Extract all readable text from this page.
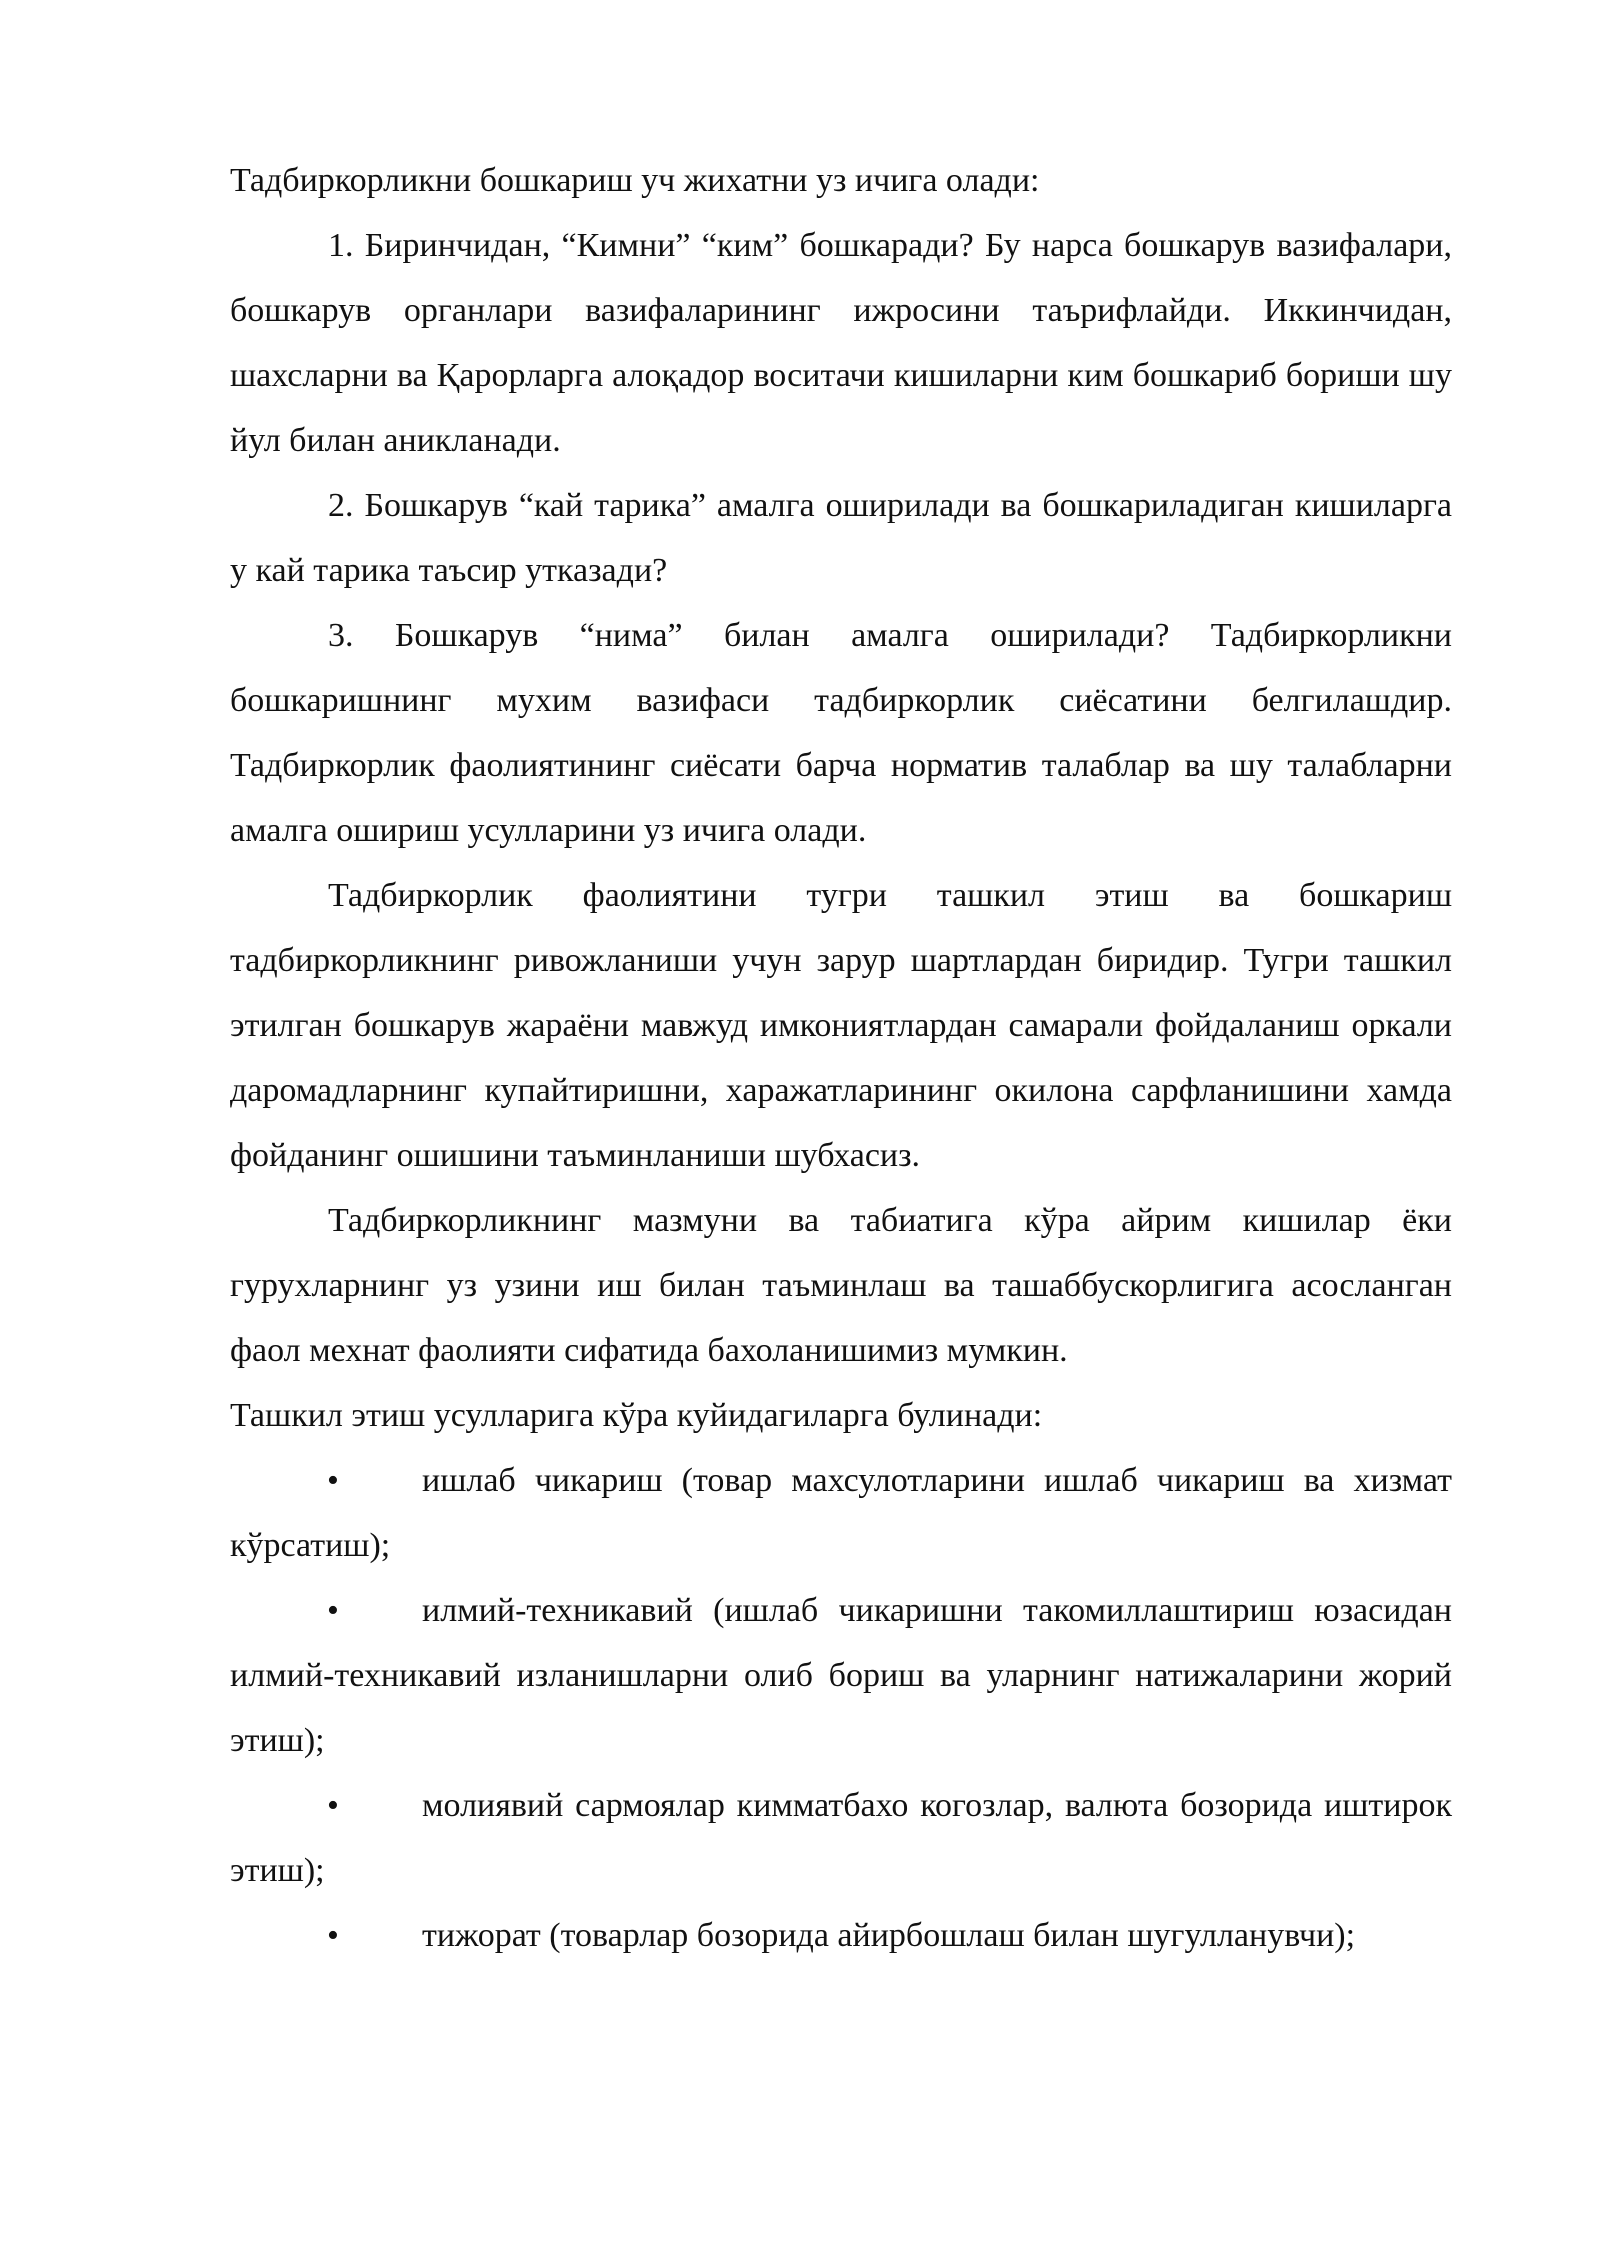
Тадбиркорликни бошкариш уч жихатни уз ичига олади:

1. Биринчидан, “Кимни” “ким” бошкаради? Бу нарса бошкарув вазифалари, бошкарув органлари вазифаларининг ижросини таърифлайди. Иккинчидан, шахсларни ва Қарорларга алоқадор воситачи кишиларни ким бошкариб бориши шу йул билан аникланади.

2. Бошкарув “кай тарика” амалга оширилади ва бошкариладиган кишиларга у кай тарика таъсир утказади?

3. Бошкарув “нима” билан амалга оширилади? Тадбиркорликни бошкаришнинг мухим вазифаси тадбиркорлик сиёсатини белгилашдир. Тадбиркорлик фаолиятининг сиёсати барча норматив талаблар ва шу талабларни амалга ошириш усулларини уз ичига олади.

Тадбиркорлик фаолиятини тугри ташкил этиш ва бошкариш тадбиркорликнинг ривожланиши учун зарур шартлардан биридир. Тугри ташкил этилган бошкарув жараёни мавжуд имкониятлардан самарали фойдаланиш оркали даромадларнинг купайтиришни, харажатларининг окилона сарфланишини хамда фойданинг ошишини таъминланиши шубхасиз.

Тадбиркорликнинг мазмуни ва табиатига кўра айрим кишилар ёки гурухларнинг уз узини иш билан таъминлаш ва ташаббускорлигига асосланган фаол мехнат фаолияти сифатида бахоланишимиз мумкин.

Ташкил этиш усулларига кўра куйидагиларга булинади:

• ишлаб чикариш (товар махсулотларини ишлаб чикариш ва хизмат кўрсатиш);

• илмий-техникавий (ишлаб чикаришни такомиллаштириш юзасидан илмий-техникавий изланишларни олиб бориш ва уларнинг натижаларини жорий этиш);

• молиявий сармоялар кимматбахо когозлар, валюта бозорида иштирок этиш);

• тижорат (товарлар бозорида айирбошлаш билан шугулланувчи);
